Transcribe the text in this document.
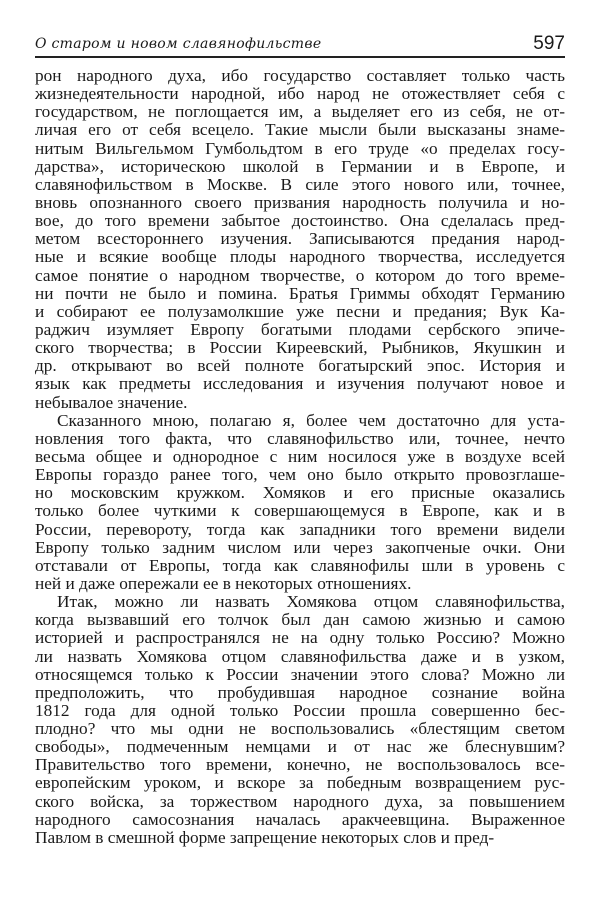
О старом и новом славянофильстве	597
рон народного духа, ибо государство составляет только часть
жизнедеятельности народной, ибо народ не отожествляет себя с
государством, не поглощается им, а выделяет его из себя, не от-
личая его от себя всецело. Такие мысли были высказаны знаме-
нитым Вильгельмом Гумбольдтом в его труде «о пределах госу-
дарства», историческою школой в Германии и в Европе, и
славянофильством в Москве. В силе этого нового или, точнее,
вновь опознанного своего призвания народность получила и но-
вое, до того времени забытое достоинство. Она сделалась пред-
метом всестороннего изучения. Записываются предания народ-
ные и всякие вообще плоды народного творчества, исследуется
самое понятие о народном творчестве, о котором до того време-
ни почти не было и помина. Братья Гриммы обходят Германию
и собирают ее полузамолкшие уже песни и предания; Вук Ка-
раджич изумляет Европу богатыми плодами сербского эпиче-
ского творчества; в России Киреевский, Рыбников, Якушкин и
др. открывают во всей полноте богатырский эпос. История и
язык как предметы исследования и изучения получают новое и
небывалое значение.
Сказанного мною, полагаю я, более чем достаточно для уста-
новления того факта, что славянофильство или, точнее, нечто
весьма общее и однородное с ним носилося уже в воздухе всей
Европы гораздо ранее того, чем оно было открыто провозглаше-
но московским кружком. Хомяков и его присные оказались
только более чуткими к совершающемуся в Европе, как и в
России, перевороту, тогда как западники того времени видели
Европу только задним числом или через закопченые очки. Они
отставали от Европы, тогда как славянофилы шли в уровень с
ней и даже опережали ее в некоторых отношениях.
Итак, можно ли назвать Хомякова отцом славянофильства,
когда вызвавший его толчок был дан самою жизнью и самою
историей и распространялся не на одну только Россию? Можно
ли назвать Хомякова отцом славянофильства даже и в узком,
относящемся только к России значении этого слова? Можно ли
предположить, что пробудившая народное сознание война
1812 года для одной только России прошла совершенно бес-
плодно? что мы одни не воспользовались «блестящим светом
свободы», подмеченным немцами и от нас же блеснувшим?
Правительство того времени, конечно, не воспользовалось все-
европейским уроком, и вскоре за победным возвращением рус-
ского войска, за торжеством народного духа, за повышением
народного самосознания началась аракчеевщина. Выраженное
Павлом в смешной форме запрещение некоторых слов и пред-
